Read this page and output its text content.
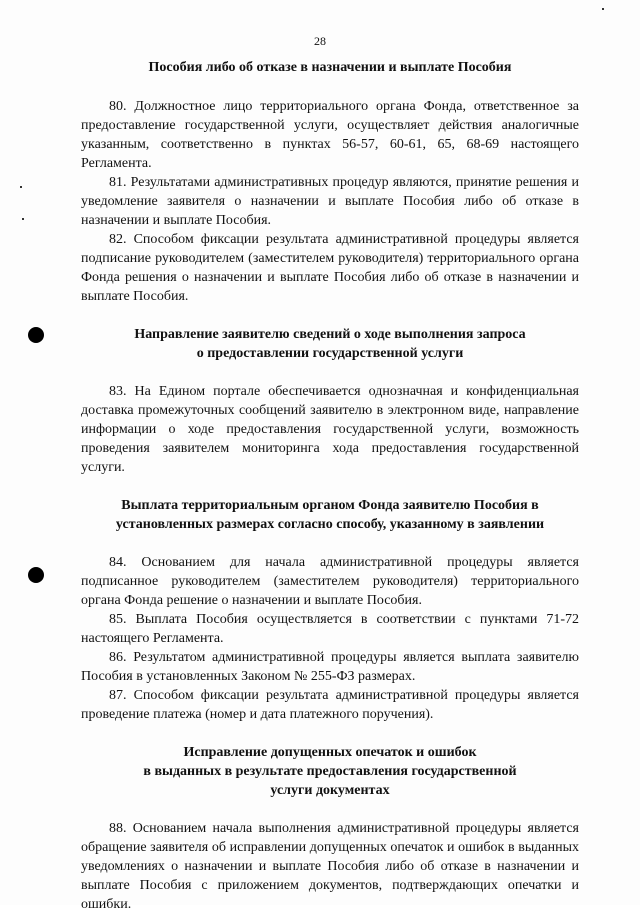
28

Пособия либо об отказе в назначении и выплате Пособия

80. Должностное лицо территориального органа Фонда, ответственное за предоставление государственной услуги, осуществляет действия аналогичные указанным, соответственно в пунктах 56-57, 60-61, 65, 68-69 настоящего Регламента.

81. Результатами административных процедур являются, принятие решения и уведомление заявителя о назначении и выплате Пособия либо об отказе в назначении и выплате Пособия.

82. Способом фиксации результата административной процедуры является подписание руководителем (заместителем руководителя) территориального органа Фонда решения о назначении и выплате Пособия либо об отказе в назначении и выплате Пособия.

Направление заявителю сведений о ходе выполнения запроса
о предоставлении государственной услуги

83. На Едином портале обеспечивается однозначная и конфиденциальная доставка промежуточных сообщений заявителю в электронном виде, направление информации о ходе предоставления государственной услуги, возможность проведения заявителем мониторинга хода предоставления государственной услуги.

Выплата территориальным органом Фонда заявителю Пособия в
установленных размерах согласно способу, указанному в заявлении

84. Основанием для начала административной процедуры является подписанное руководителем (заместителем руководителя) территориального органа Фонда решение о назначении и выплате Пособия.

85. Выплата Пособия осуществляется в соответствии с пунктами 71-72 настоящего Регламента.

86. Результатом административной процедуры является выплата заявителю Пособия в установленных Законом № 255-ФЗ размерах.

87. Способом фиксации результата административной процедуры является проведение платежа (номер и дата платежного поручения).

Исправление допущенных опечаток и ошибок
в выданных в результате предоставления государственной
услуги документах

88. Основанием начала выполнения административной процедуры является обращение заявителя об исправлении допущенных опечаток и ошибок в выданных уведомлениях о назначении и выплате Пособия либо об отказе в назначении и выплате Пособия с приложением документов, подтверждающих опечатки и ошибки.
